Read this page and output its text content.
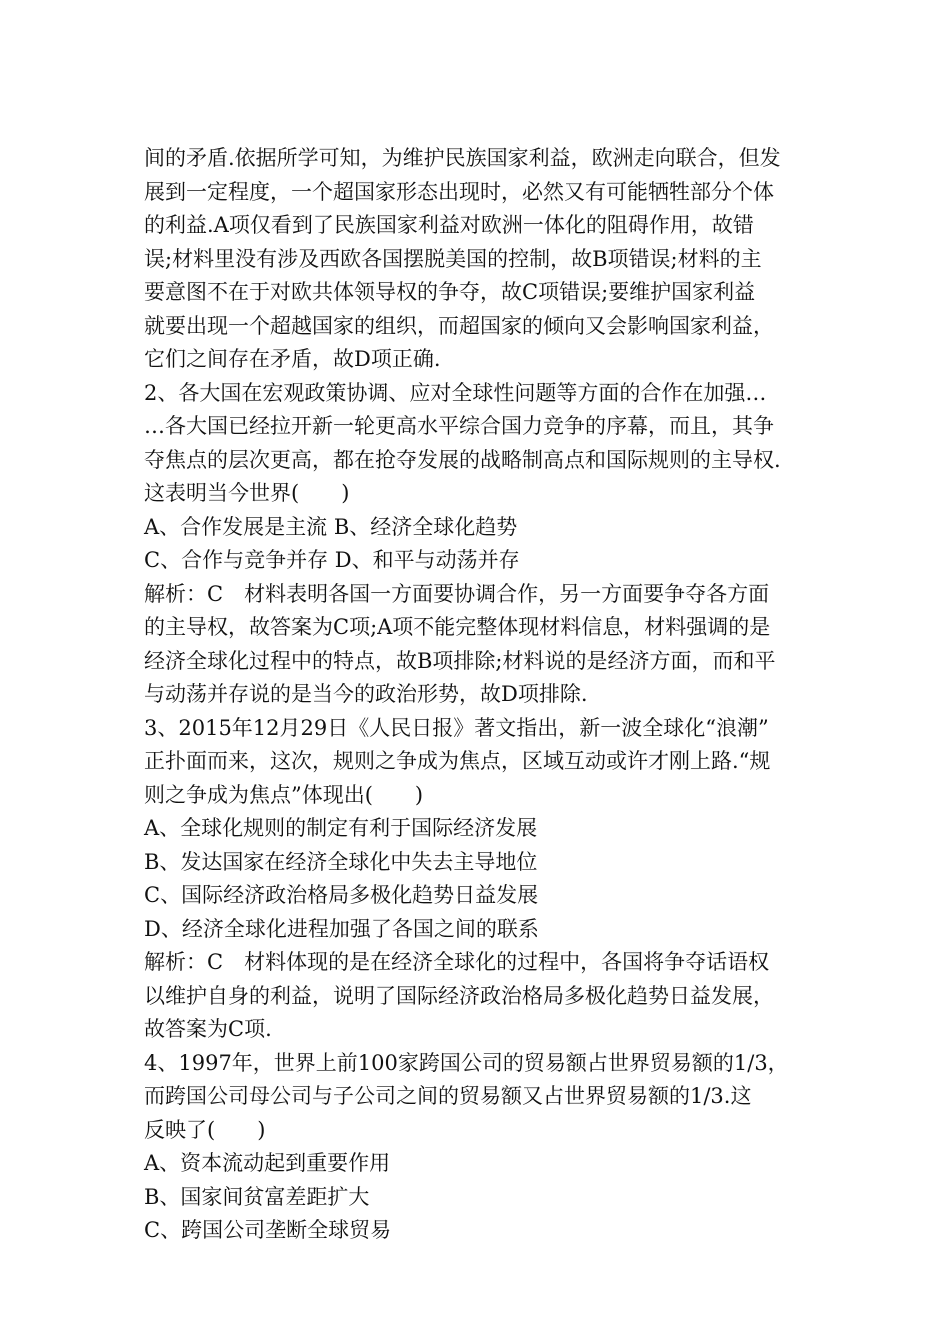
间的矛盾.依据所学可知，为维护民族国家利益，欧洲走向联合，但发
展到一定程度，一个超国家形态出现时，必然又有可能牺牲部分个体
的利益.A项仅看到了民族国家利益对欧洲一体化的阻碍作用，故错
误;材料里没有涉及西欧各国摆脱美国的控制，故B项错误;材料的主
要意图不在于对欧共体领导权的争夺，故C项错误;要维护国家利益
就要出现一个超越国家的组织，而超国家的倾向又会影响国家利益，
它们之间存在矛盾，故D项正确.

2、各大国在宏观政策协调、应对全球性问题等方面的合作在加强…
…各大国已经拉开新一轮更高水平综合国力竞争的序幕，而且，其争
夺焦点的层次更高，都在抢夺发展的战略制高点和国际规则的主导权.
这表明当今世界(　　)

A、合作发展是主流 B、经济全球化趋势

C、合作与竞争并存 D、和平与动荡并存

解析：C　材料表明各国一方面要协调合作，另一方面要争夺各方面
的主导权，故答案为C项;A项不能完整体现材料信息，材料强调的是
经济全球化过程中的特点，故B项排除;材料说的是经济方面，而和平
与动荡并存说的是当今的政治形势，故D项排除.

3、2015年12月29日《人民日报》著文指出，新一波全球化“浪潮”
正扑面而来，这次，规则之争成为焦点，区域互动或许才刚上路.“规
则之争成为焦点”体现出(　　)

A、全球化规则的制定有利于国际经济发展

B、发达国家在经济全球化中失去主导地位

C、国际经济政治格局多极化趋势日益发展

D、经济全球化进程加强了各国之间的联系

解析：C　材料体现的是在经济全球化的过程中，各国将争夺话语权
以维护自身的利益，说明了国际经济政治格局多极化趋势日益发展，
故答案为C项.

4、1997年，世界上前100家跨国公司的贸易额占世界贸易额的1/3，
而跨国公司母公司与子公司之间的贸易额又占世界贸易额的1/3.这
反映了(　　)

A、资本流动起到重要作用

B、国家间贫富差距扩大

C、跨国公司垄断全球贸易
